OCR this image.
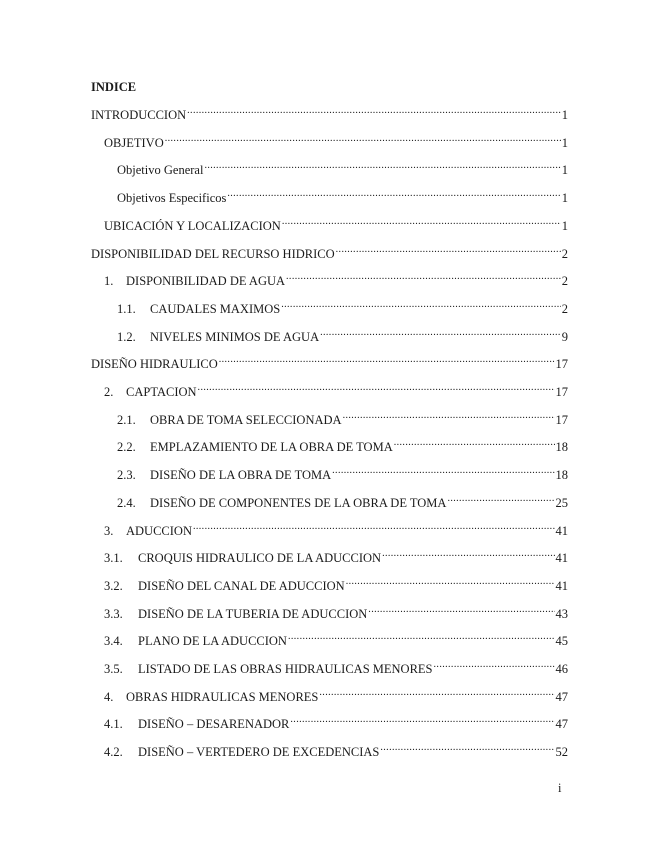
INDICE
INTRODUCCION .....	1
OBJETIVO .....	1
Objetivo General .....	1
Objetivos Especificos .....	1
UBICACIÓN Y LOCALIZACION .....	1
DISPONIBILIDAD DEL RECURSO HIDRICO .....	2
1.	DISPONIBILIDAD DE AGUA .....	2
1.1.	CAUDALES MAXIMOS .....	2
1.2.	NIVELES MINIMOS DE AGUA .....	9
DISEÑO HIDRAULICO .....	17
2.	CAPTACION .....	17
2.1.	OBRA DE TOMA SELECCIONADA .....	17
2.2.	EMPLAZAMIENTO DE LA OBRA DE TOMA .....	18
2.3.	DISEÑO DE LA OBRA DE TOMA .....	18
2.4.	DISEÑO DE COMPONENTES DE LA OBRA DE TOMA .....	25
3.	ADUCCION .....	41
3.1.	CROQUIS HIDRAULICO DE LA ADUCCION .....	41
3.2.	DISEÑO DEL CANAL DE ADUCCION .....	41
3.3.	DISEÑO DE LA TUBERIA DE ADUCCION .....	43
3.4.	PLANO DE LA ADUCCION .....	45
3.5.	LISTADO DE LAS OBRAS HIDRAULICAS MENORES .....	46
4.	OBRAS HIDRAULICAS MENORES .....	47
4.1.	DISEÑO – DESARENADOR .....	47
4.2.	DISEÑO – VERTEDERO DE EXCEDENCIAS .....	52
i
